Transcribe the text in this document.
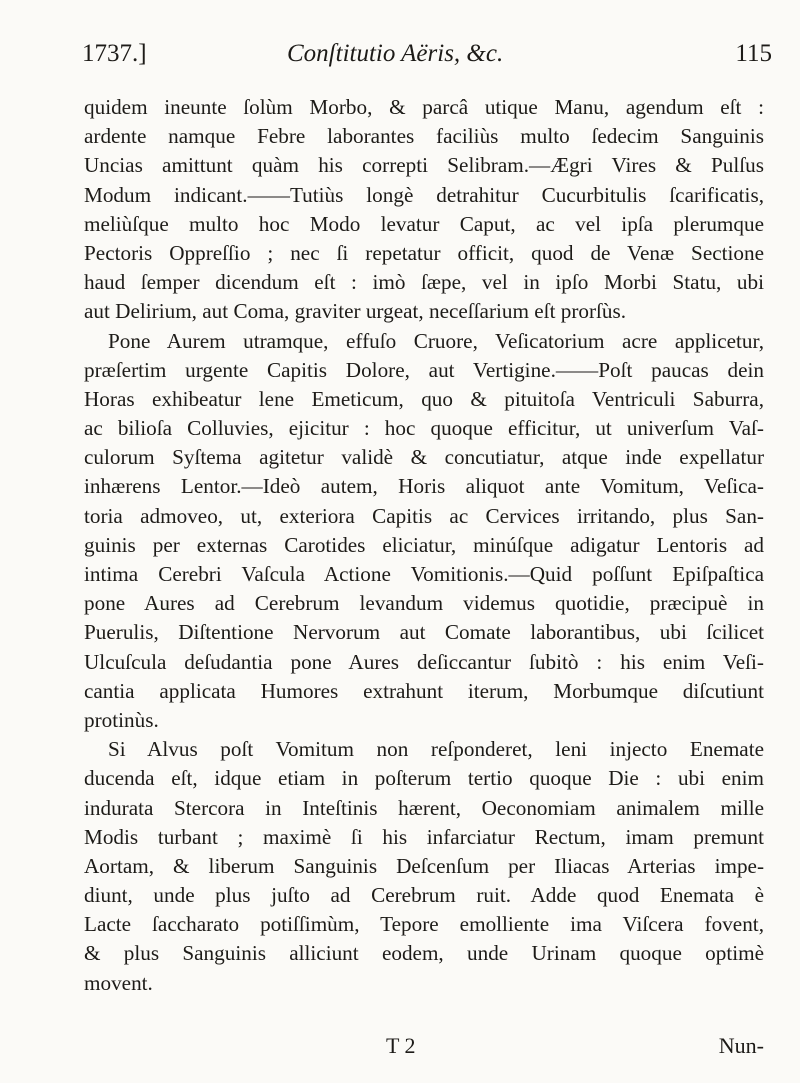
1737.]	Conſtitutio Aëris, &c.	115
quidem ineunte ſolùm Morbo, & parcâ utique Manu, agendum eſt :
ardente namque Febre laborantes faciliùs multo ſedecim Sanguinis
Uncias amittunt quàm his correpti Selibram.—Ægri Vires & Pulſus
Modum indicant.——Tutiùs longè detrahitur Cucurbitulis ſcarificatis,
meliùſque multo hoc Modo levatur Caput, ac vel ipſa plerumque
Pectoris Oppreſſio ; nec ſi repetatur officit, quod de Venæ Sectione
haud ſemper dicendum eſt : imò ſæpe, vel in ipſo Morbi Statu, ubi
aut Delirium, aut Coma, graviter urgeat, neceſſarium eſt prorſùs.
Pone Aurem utramque, effuſo Cruore, Veſicatorium acre applicetur,
præſertim urgente Capitis Dolore, aut Vertigine.——Poſt paucas dein
Horas exhibeatur lene Emeticum, quo & pituitoſa Ventriculi Saburra,
ac bilioſa Colluvies, ejicitur : hoc quoque efficitur, ut univerſum Vaſ-
culorum Syſtema agitetur validè & concutiatur, atque inde expellatur
inhærens Lentor.—Ideò autem, Horis aliquot ante Vomitum, Veſica-
toria admoveo, ut, exteriora Capitis ac Cervices irritando, plus San-
guinis per externas Carotides eliciatur, minúſque adigatur Lentoris ad
intima Cerebri Vaſcula Actione Vomitionis.—Quid poſſunt Epiſpaſtica
pone Aures ad Cerebrum levandum videmus quotidie, præcipuè in
Puerulis, Diſtentione Nervorum aut Comate laborantibus, ubi ſcilicet
Ulcuſcula deſudantia pone Aures deſiccantur ſubitò : his enim Veſi-
cantia applicata Humores extrahunt iterum, Morbumque diſcutiunt
protinùs.
Si Alvus poſt Vomitum non reſponderet, leni injecto Enemate
ducenda eſt, idque etiam in poſterum tertio quoque Die : ubi enim
indurata Stercora in Inteſtinis hærent, Oeconomiam animalem mille
Modis turbant ; maximè ſi his infarciatur Rectum, imam premunt
Aortam, & liberum Sanguinis Deſcenſum per Iliacas Arterias impe-
diunt, unde plus juſto ad Cerebrum ruit. Adde quod Enemata è
Lacte ſaccharato potiſſimùm, Tepore emolliente ima Viſcera fovent,
& plus Sanguinis alliciunt eodem, unde Urinam quoque optimè
movent.
T 2	Nun-
